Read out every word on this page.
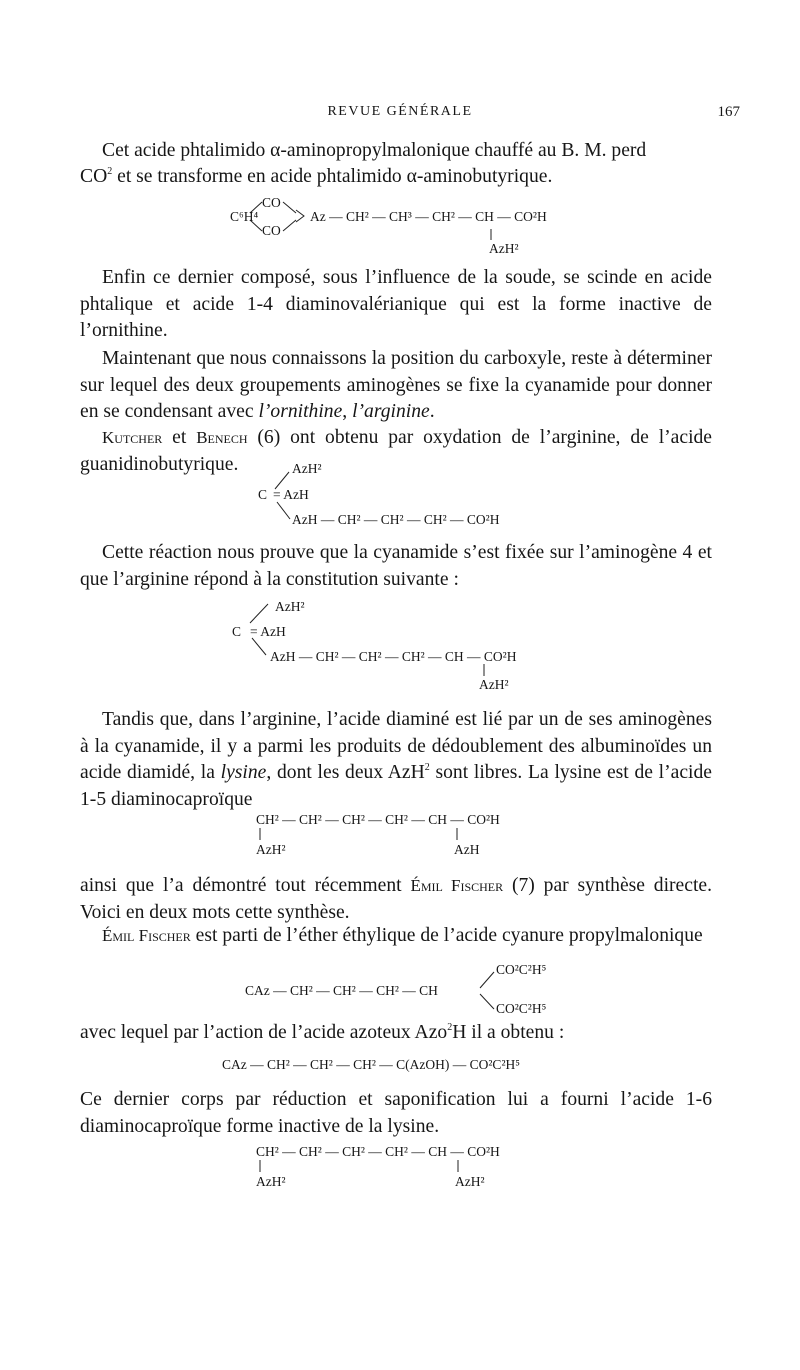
REVUE GÉNÉRALE	167
Cet acide phtalimido α-aminopropylmalonique chauffé au B. M. perd
$CO^2$ et se transforme en acide phtalimido α-aminobutyrique.
C⁶H⁴
CO
CO
Az — CH² — CH³ — CH² — CH — CO²H
AzH²

Enfin ce dernier composé, sous l’influence de la soude, se scinde en acide phtalique et acide 1-4 diaminovalérianique qui est la forme inactive de l’ornithine.

Maintenant que nous connaissons la position du carboxyle, reste à déterminer sur lequel des deux groupements aminogènes se fixe la cyanamide pour donner en se condensant avec l’ornithine, l’arginine.

Kutcher et Benech (6) ont obtenu par oxydation de l’arginine, de l’acide guanidinobutyrique.	AzH²
C = AzH
AzH — CH² — CH² — CH² — CO²H

Cette réaction nous prouve que la cyanamide s’est fixée sur l’aminogène 4 et que l’arginine répond à la constitution suivante :

AzH²
C = AzH
AzH — CH² — CH² — CH² — CH — CO²H
AzH²

Tandis que, dans l’arginine, l’acide diaminé est lié par un de ses aminogènes à la cyanamide, il y a parmi les produits de dédoublement des albuminoïdes un acide diamidé, la lysine, dont les deux AzH$^2$ sont libres. La lysine est de l’acide 1-5 diaminocaproïque

CH² — CH² — CH² — CH² — CH — CO²H
AzH²	AzH

ainsi que l’a démontré tout récemment Émil Fischer (7) par synthèse directe. Voici en deux mots cette synthèse.

Émil Fischer est parti de l’éther éthylique de l’acide cyanure propylmalonique

CAz — CH² — CH² — CH² — CH
CO²C²H⁵
CO²C²H⁵

avec lequel par l’action de l’acide azoteux Azo$^2$H il a obtenu :

CAz — CH² — CH² — CH² — C(AzOH) — CO²C²H⁵

Ce dernier corps par réduction et saponification lui a fourni l’acide 1-6 diaminocaproïque forme inactive de la lysine.

CH² — CH² — CH² — CH² — CH — CO²H
AzH²	AzH²
